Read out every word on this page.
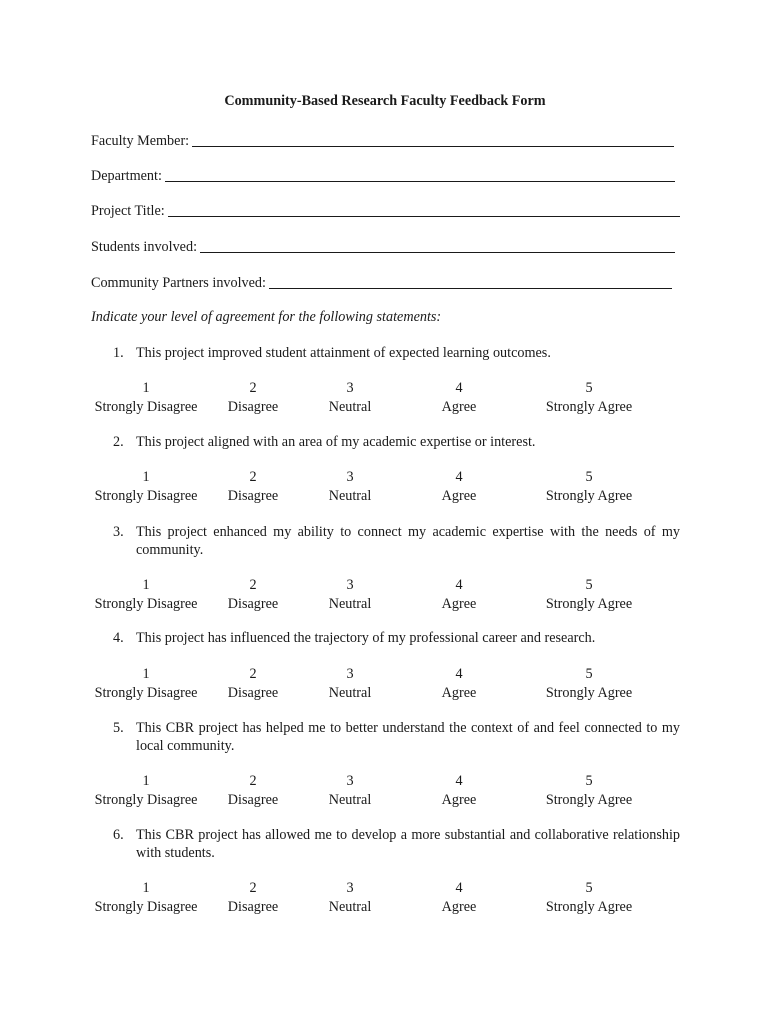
Community-Based Research Faculty Feedback Form
Faculty Member:
Department:
Project Title:
Students involved:
Community Partners involved:
Indicate your level of agreement for the following statements:
1. This project improved student attainment of expected learning outcomes.
1
Strongly Disagree
2
Disagree
3
Neutral
4
Agree
5
Strongly Agree
2. This project aligned with an area of my academic expertise or interest.
1
Strongly Disagree
2
Disagree
3
Neutral
4
Agree
5
Strongly Agree
3. This project enhanced my ability to connect my academic expertise with the needs of my community.
1
Strongly Disagree
2
Disagree
3
Neutral
4
Agree
5
Strongly Agree
4. This project has influenced the trajectory of my professional career and research.
1
Strongly Disagree
2
Disagree
3
Neutral
4
Agree
5
Strongly Agree
5. This CBR project has helped me to better understand the context of and feel connected to my local community.
1
Strongly Disagree
2
Disagree
3
Neutral
4
Agree
5
Strongly Agree
6. This CBR project has allowed me to develop a more substantial and collaborative relationship with students.
1
Strongly Disagree
2
Disagree
3
Neutral
4
Agree
5
Strongly Agree
